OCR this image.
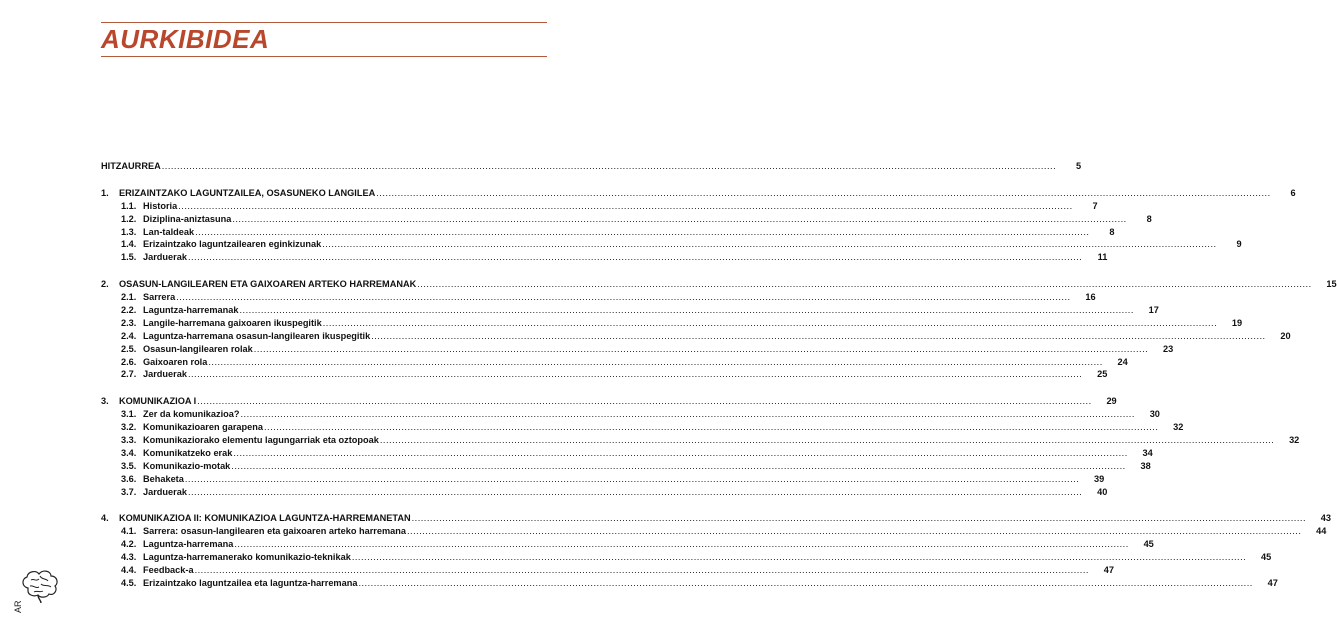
AURKIBIDEA
HITZAURREA .....	5
1.	ERIZAINTZAKO LAGUNTZAILEA, OSASUNEKO LANGILEA .....	6
1.1. Historia .....	7
1.2. Diziplina-aniztasuna .....	8
1.3. Lan-taldeak .....	8
1.4. Erizaintzako laguntzailearen eginkizunak .....	9
1.5. Jarduerak .....	11
2.	OSASUN-LANGILEAREN ETA GAIXOAREN ARTEKO HARREMANAK .....	15
2.1. Sarrera .....	16
2.2. Laguntza-harremanak .....	17
2.3. Langile-harremana gaixoaren ikuspegitik .....	19
2.4. Laguntza-harremana osasun-langilearen ikuspegitik .....	20
2.5. Osasun-langilearen rolak .....	23
2.6. Gaixoaren rola .....	24
2.7. Jarduerak .....	25
3.	KOMUNIKAZIOA I .....	29
3.1. Zer da komunikazioa? .....	30
3.2. Komunikazioaren garapena .....	32
3.3. Komunikaziorako elementu lagungarriak eta oztopoak .....	32
3.4. Komunikatzeko erak .....	34
3.5. Komunikazio-motak .....	38
3.6. Behaketa .....	39
3.7. Jarduerak .....	40
4.	KOMUNIKAZIOA II: KOMUNIKAZIOA LAGUNTZA-HARREMANETAN .....	43
4.1. Sarrera: osasun-langilearen eta gaixoaren arteko harremana .....	44
4.2. Laguntza-harremana .....	45
4.3. Laguntza-harremanerako komunikazio-teknikak .....	45
4.4. Feedback-a .....	47
4.5. Erizaintzako laguntzailea eta laguntza-harremana .....	47
AR
